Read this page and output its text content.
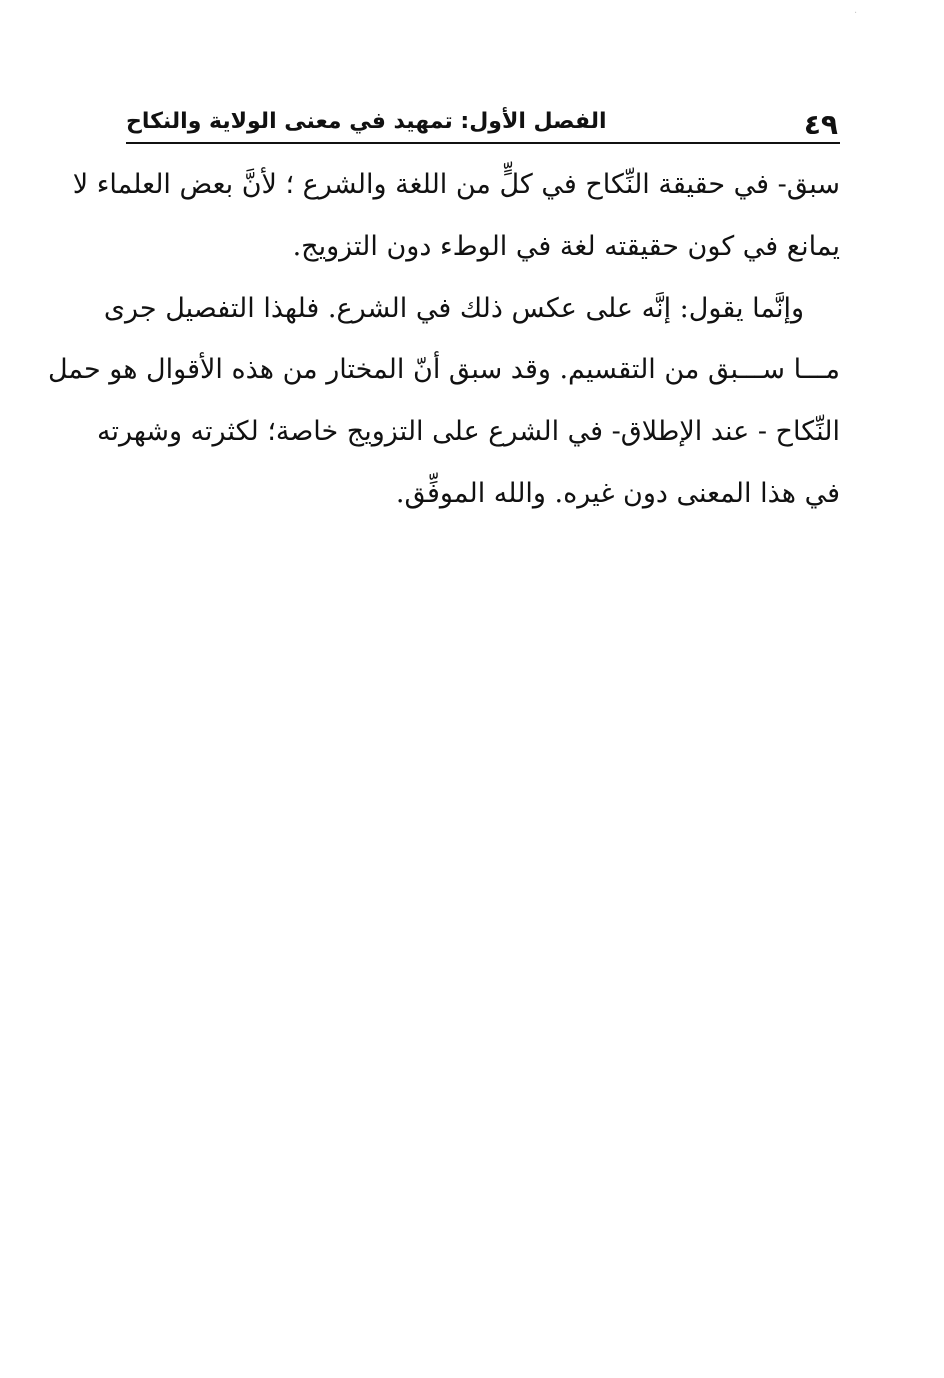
·
الفصل الأول: تمهيد في معنى الولاية والنكاح	٤٩
سبق- في حقيقة النِّكاح في كلٍّ من اللغة والشرع ؛ لأنَّ بعض العلماء لا
يمانع في كون حقيقته لغة في الوطء دون التزويج.
وإنَّما يقول: إنَّه على عكس ذلك في الشرع. فلهذا التفصيل جرى
مـــا ســـبق من التقسيم. وقد سبق أنّ المختار من هذه الأقوال هو حمل
النِّكاح - عند الإطلاق- في الشرع على التزويج خاصة؛ لكثرته وشهرته
في هذا المعنى دون غيره. والله الموفِّق.
